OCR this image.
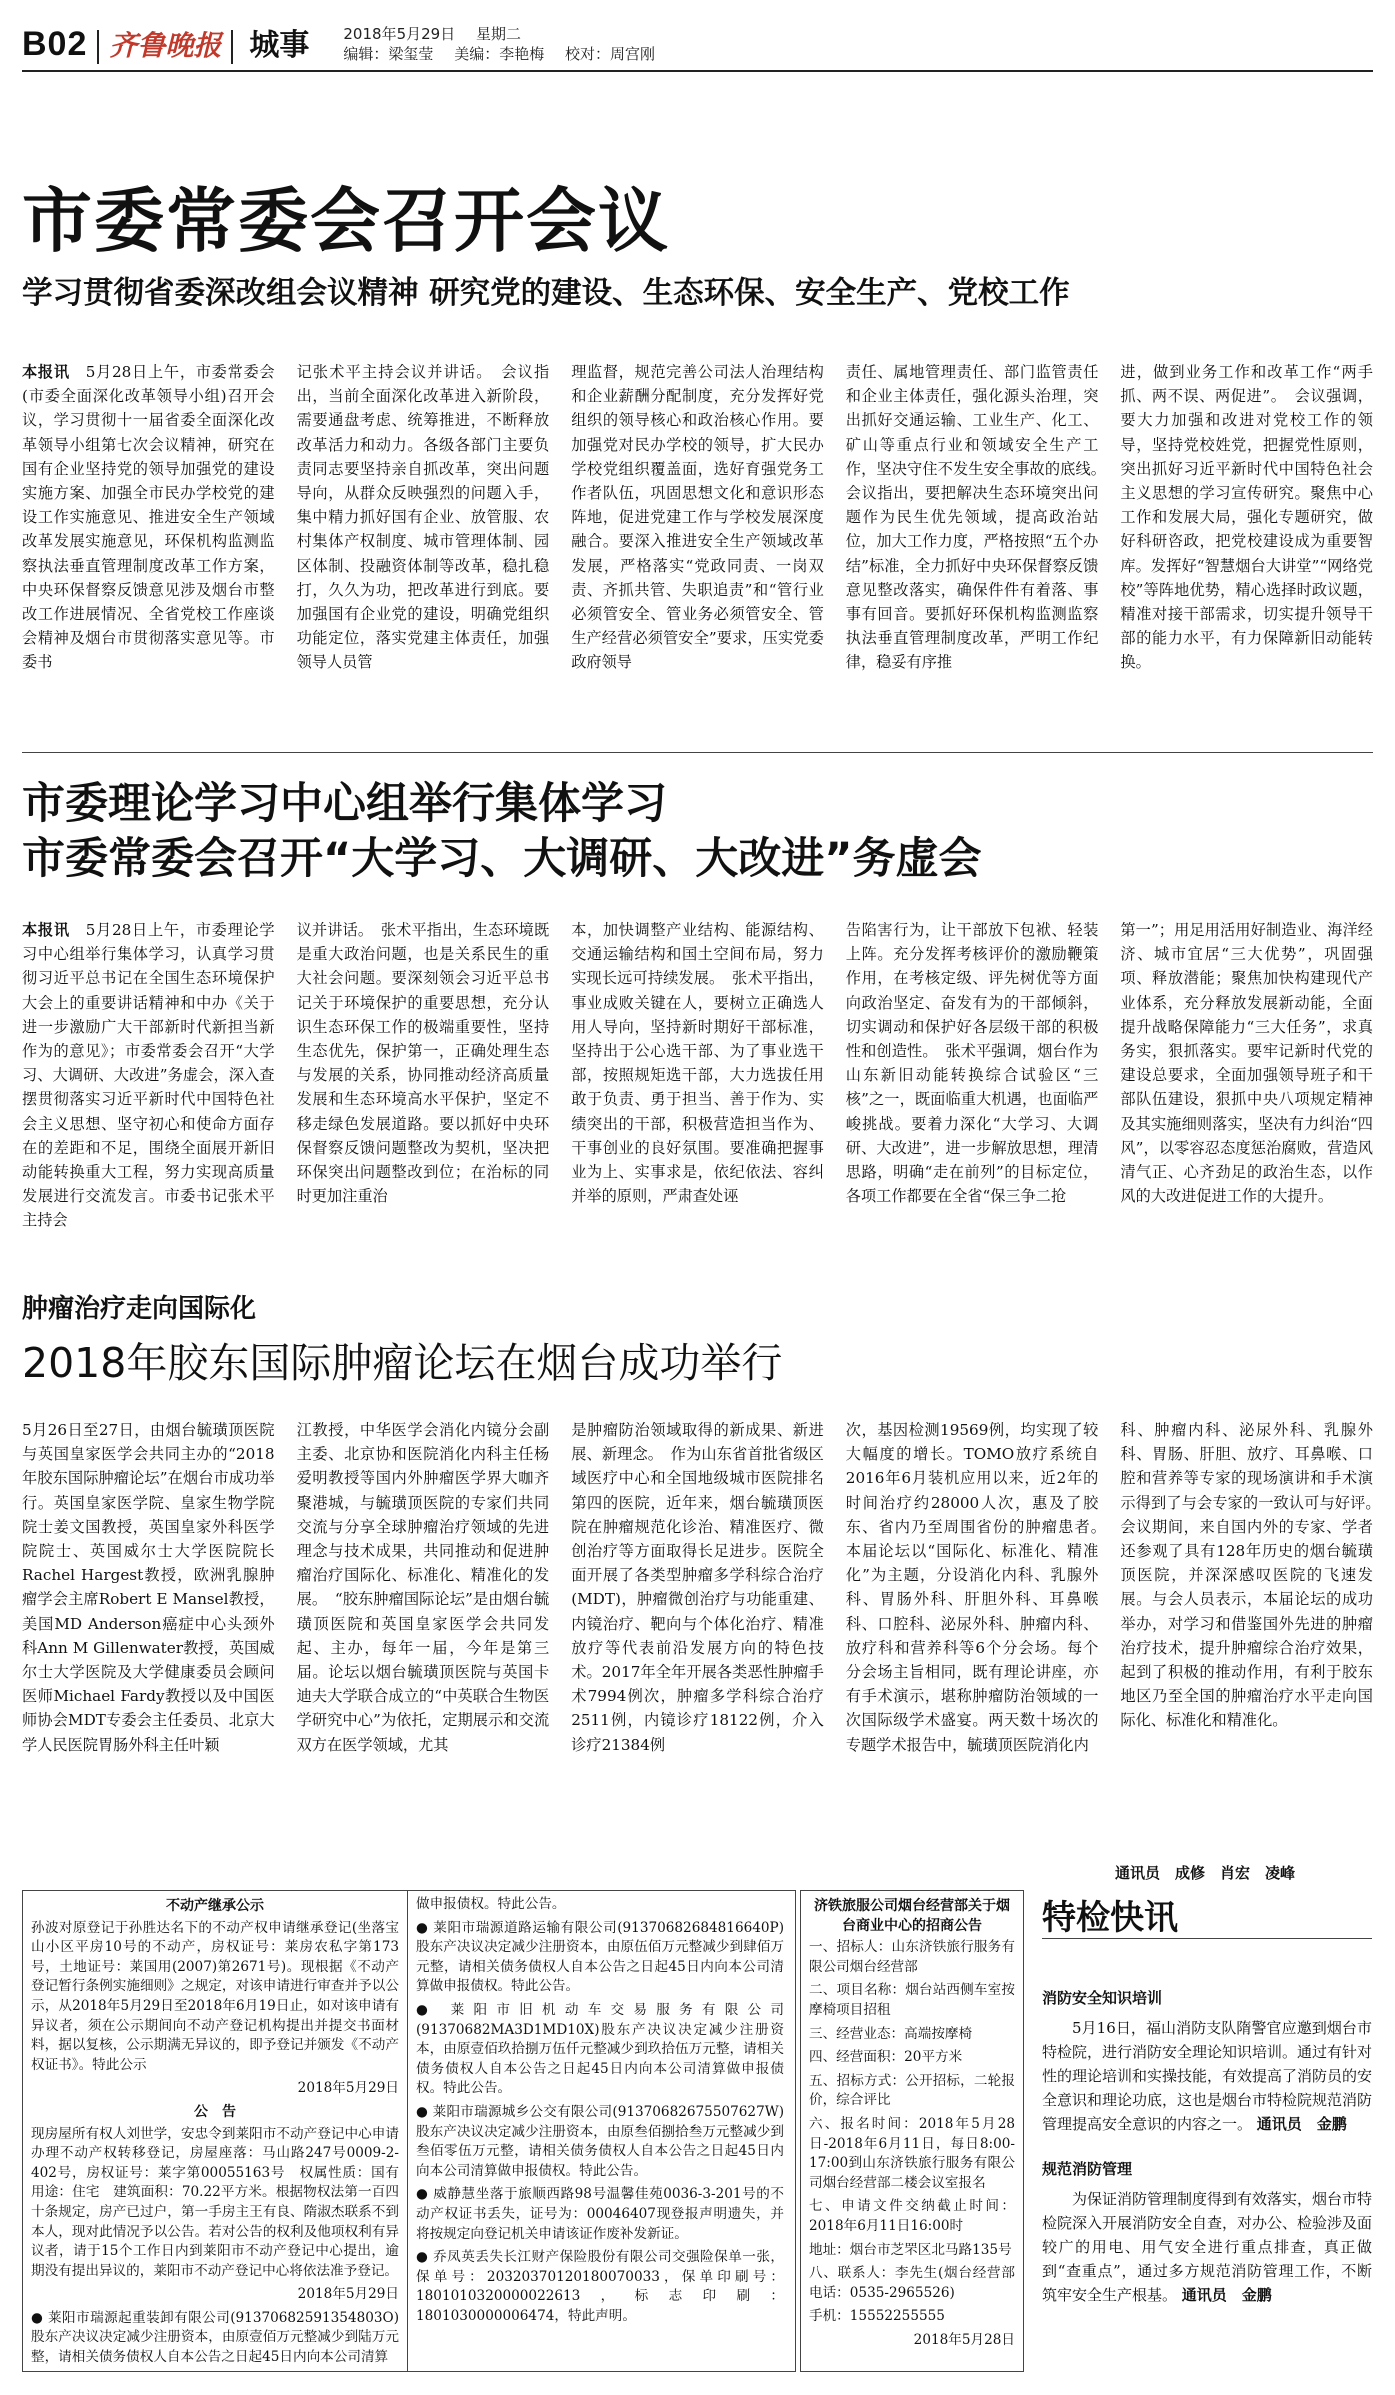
B02 齐鲁晚报 城事 2018年5月29日 星期二
编辑：梁玺莹 美编：李艳梅 校对：周宫刚
市委常委会召开会议
学习贯彻省委深改组会议精神 研究党的建设、生态环保、安全生产、党校工作
本报讯　 5月28日上午，市委常委会(市委全面深化改革领导小组)召开会议，学习贯彻十一届省委全面深化改革领导小组第七次会议精神，研究在国有企业坚持党的领导加强党的建设实施方案、加强全市民办学校党的建设工作实施意见、推进安全生产领域改革发展实施意见，环保机构监测监察执法垂直管理制度改革工作方案，中央环保督察反馈意见涉及烟台市整改工作进展情况、全省党校工作座谈会精神及烟台市贯彻落实意见等。市委书
记张术平主持会议并讲话。　会议指出，当前全面深化改革进入新阶段，需要通盘考虑、统筹推进，不断释放改革活力和动力。各级各部门主要负责同志要坚持亲自抓改革，突出问题导向，从群众反映强烈的问题入手，集中精力抓好国有企业、放管服、农村集体产权制度、城市管理体制、园区体制、投融资体制等改革，稳扎稳打，久久为功，把改革进行到底。要加强国有企业党的建设，明确党组织功能定位，落实党建主体责任，加强领导人员管
理监督，规范完善公司法人治理结构和企业薪酬分配制度，充分发挥好党组织的领导核心和政治核心作用。要加强党对民办学校的领导，扩大民办学校党组织覆盖面，选好育强党务工作者队伍，巩固思想文化和意识形态阵地，促进党建工作与学校发展深度融合。要深入推进安全生产领域改革发展，严格落实“党政同责、一岗双责、齐抓共管、失职追责”和“管行业必须管安全、管业务必须管安全、管生产经营必须管安全”要求，压实党委政府领导
责任、属地管理责任、部门监管责任和企业主体责任，强化源头治理，突出抓好交通运输、工业生产、化工、矿山等重点行业和领域安全生产工作，坚决守住不发生安全事故的底线。　会议指出，要把解决生态环境突出问题作为民生优先领域，提高政治站位，加大工作力度，严格按照“五个办结”标准，全力抓好中央环保督察反馈意见整改落实，确保件件有着落、事事有回音。要抓好环保机构监测监察执法垂直管理制度改革，严明工作纪律，稳妥有序推
进，做到业务工作和改革工作“两手抓、两不误、两促进”。　会议强调，要大力加强和改进对党校工作的领导，坚持党校姓党，把握党性原则，突出抓好习近平新时代中国特色社会主义思想的学习宣传研究。聚焦中心工作和发展大局，强化专题研究，做好科研咨政，把党校建设成为重要智库。发挥好“智慧烟台大讲堂”“网络党校”等阵地优势，精心选择时政议题，精准对接干部需求，切实提升领导干部的能力水平，有力保障新旧动能转换。
市委理论学习中心组举行集体学习
市委常委会召开“大学习、大调研、大改进”务虚会
本报讯　 5月28日上午，市委理论学习中心组举行集体学习，认真学习贯彻习近平总书记在全国生态环境保护大会上的重要讲话精神和中办《关于进一步激励广大干部新时代新担当新作为的意见》；市委常委会召开“大学习、大调研、大改进”务虚会，深入查摆贯彻落实习近平新时代中国特色社会主义思想、坚守初心和使命方面存在的差距和不足，围绕全面展开新旧动能转换重大工程，努力实现高质量发展进行交流发言。市委书记张术平主持会
议并讲话。　张术平指出，生态环境既是重大政治问题，也是关系民生的重大社会问题。要深刻领会习近平总书记关于环境保护的重要思想，充分认识生态环保工作的极端重要性，坚持生态优先，保护第一，正确处理生态与发展的关系，协同推动经济高质量发展和生态环境高水平保护，坚定不移走绿色发展道路。要以抓好中央环保督察反馈问题整改为契机，坚决把环保突出问题整改到位；在治标的同时更加注重治
本，加快调整产业结构、能源结构、交通运输结构和国土空间布局，努力实现长远可持续发展。　张术平指出，事业成败关键在人，要树立正确选人用人导向，坚持新时期好干部标准，坚持出于公心选干部、为了事业选干部，按照规矩选干部，大力选拔任用敢于负责、勇于担当、善于作为、实绩突出的干部，积极营造担当作为、干事创业的良好氛围。要准确把握事业为上、实事求是，依纪依法、容纠并举的原则，严肃查处诬
告陷害行为，让干部放下包袱、轻装上阵。充分发挥考核评价的激励鞭策作用，在考核定级、评先树优等方面向政治坚定、奋发有为的干部倾斜，切实调动和保护好各层级干部的积极性和创造性。　张术平强调，烟台作为山东新旧动能转换综合试验区“三核”之一，既面临重大机遇，也面临严峻挑战。要着力深化“大学习、大调研、大改进”，进一步解放思想，理清思路，明确“走在前列”的目标定位，各项工作都要在全省“保三争二抢
第一”；用足用活用好制造业、海洋经济、城市宜居“三大优势”，巩固强项、释放潜能；聚焦加快构建现代产业体系，充分释放发展新动能，全面提升战略保障能力“三大任务”，求真务实，狠抓落实。要牢记新时代党的建设总要求，全面加强领导班子和干部队伍建设，狠抓中央八项规定精神及其实施细则落实，坚决有力纠治“四风”，以零容忍态度惩治腐败，营造风清气正、心齐劲足的政治生态，以作风的大改进促进工作的大提升。
肿瘤治疗走向国际化
2018年胶东国际肿瘤论坛在烟台成功举行
5月26日至27日，由烟台毓璜顶医院与英国皇家医学会共同主办的“2018年胶东国际肿瘤论坛”在烟台市成功举行。英国皇家医学院、皇家生物学院院士姜文国教授，英国皇家外科医学院院士、英国威尔士大学医院院长Rachel Hargest教授，欧洲乳腺肿瘤学会主席Robert E Mansel教授，美国MD Anderson癌症中心头颈外科Ann M Gillenwater教授，英国威尔士大学医院及大学健康委员会顾问医师Michael Fardy教授以及中国医师协会MDT专委会主任委员、北京大学人民医院胃肠外科主任叶颖
江教授，中华医学会消化内镜分会副主委、北京协和医院消化内科主任杨爱明教授等国内外肿瘤医学界大咖齐聚港城，与毓璜顶医院的专家们共同交流与分享全球肿瘤治疗领域的先进理念与技术成果，共同推动和促进肿瘤治疗国际化、标准化、精准化的发展。　“胶东肿瘤国际论坛”是由烟台毓璜顶医院和英国皇家医学会共同发起、主办，每年一届，今年是第三届。论坛以烟台毓璜顶医院与英国卡迪夫大学联合成立的“中英联合生物医学研究中心”为依托，定期展示和交流双方在医学领域，尤其
是肿瘤防治领域取得的新成果、新进展、新理念。　作为山东省首批省级区域医疗中心和全国地级城市医院排名第四的医院，近年来，烟台毓璜顶医院在肿瘤规范化诊治、精准医疗、微创治疗等方面取得长足进步。医院全面开展了各类型肿瘤多学科综合治疗(MDT)，肿瘤微创治疗与功能重建、内镜治疗、靶向与个体化治疗、精准放疗等代表前沿发展方向的特色技术。2017年全年开展各类恶性肿瘤手术7994例次，肿瘤多学科综合治疗2511例，内镜诊疗18122例，介入诊疗21384例
次，基因检测19569例，均实现了较大幅度的增长。TOMO放疗系统自2016年6月装机应用以来，近2年的时间治疗约28000人次，惠及了胶东、省内乃至周围省份的肿瘤患者。　本届论坛以“国际化、标准化、精准化”为主题，分设消化内科、乳腺外科、胃肠外科、肝胆外科、耳鼻喉科、口腔科、泌尿外科、肿瘤内科、放疗科和营养科等6个分会场。每个分会场主旨相同，既有理论讲座，亦有手术演示，堪称肿瘤防治领域的一次国际级学术盛宴。两天数十场次的专题学术报告中，毓璜顶医院消化内
科、肿瘤内科、泌尿外科、乳腺外科、胃肠、肝胆、放疗、耳鼻喉、口腔和营养等专家的现场演讲和手术演示得到了与会专家的一致认可与好评。　会议期间，来自国内外的专家、学者还参观了具有128年历史的烟台毓璜顶医院，并深深感叹医院的飞速发展。与会人员表示，本届论坛的成功举办，对学习和借鉴国外先进的肿瘤治疗技术，提升肿瘤综合治疗效果，起到了积极的推动作用，有利于胶东地区乃至全国的肿瘤治疗水平走向国际化、标准化和精准化。
通讯员　 成修　肖宏　凌峰
不动产继承公示

孙波对原登记于孙胜达名下的不动产权申请继承登记(坐落宝山小区平房10号的不动产，房权证号：莱房农私字第173号，土地证号：莱国用(2007)第2671号)。现根据《不动产登记暂行条例实施细则》之规定，对该申请进行审查并予以公示，从2018年5月29日至2018年6月19日止，如对该申请有异议者，须在公示期间向不动产登记机构提出并提交书面材料，据以复核，公示期满无异议的，即予登记并颁发《不动产权证书》。特此公示

2018年5月29日

公　告

现房屋所有权人刘世学，安忠令到莱阳市不动产登记中心申请办理不动产权转移登记，房屋座落：马山路247号0009-2-402号，房权证号：莱字第00055163号　权属性质：国有　用途：住宅　建筑面积：70.22平方米。根据物权法第一百四十条规定，房产已过户，第一手房主王有良、隋淑杰联系不到本人，现对此情况予以公告。若对公告的权利及他项权利有异议者，请于15个工作日内到莱阳市不动产登记中心提出，逾期没有提出异议的，莱阳市不动产登记中心将依法准予登记。

2018年5月29日

● 莱阳市瑞源起重装卸有限公司(91370682591354803O)股东产决议决定减少注册资本，由原壹佰万元整减少到陆万元整，请相关债务债权人自本公告之日起45日内向本公司清算

做申报债权。特此公告。

● 莱阳市瑞源道路运输有限公司(91370682684816640P)股东产决议决定减少注册资本，由原伍佰万元整减少到肆佰万元整，请相关债务债权人自本公告之日起45日内向本公司清算做申报债权。特此公告。

● 莱阳市旧机动车交易服务有限公司(91370682MA3D1MD10X)股东产决议决定减少注册资本，由原壹佰玖拾捌万伍仟元整减少到玖拾伍万元整，请相关债务债权人自本公告之日起45日内向本公司清算做申报债权。特此公告。

● 莱阳市瑞源城乡公交有限公司(91370682675507627W)股东产决议决定减少注册资本，由原叁佰捌拾叁万元整减少到叁佰零伍万元整，请相关债务债权人自本公告之日起45日内向本公司清算做申报债权。特此公告。

● 威静慧坐落于旅顺西路98号温馨佳苑0036-3-201号的不动产权证书丢失，证号为：00046407现登报声明遗失，并将按规定向登记机关申请该证作废补发新证。

● 乔凤英丢失长江财产保险股份有限公司交强险保单一张，保单号：20320370120180070033，保单印刷号：1801010320000022613，标志印刷：1801030000006474，特此声明。

济铁旅服公司烟台经营部关于烟台商业中心的招商公告

一、招标人：山东济铁旅行服务有限公司烟台经营部

二、项目名称：烟台站西侧车室按摩椅项目招租

三、经营业态：高端按摩椅

四、经营面积：20平方米

五、招标方式：公开招标，二轮报价，综合评比

六、报名时间：2018年5月28日-2018年6月11日，每日8:00-17:00到山东济铁旅行服务有限公司烟台经营部二楼会议室报名

七、申请文件交纳截止时间：2018年6月11日16:00时

地址：烟台市芝罘区北马路135号

八、联系人：李先生(烟台经营部电话：0535-2965526)

手机：15552255555

2018年5月28日

特检快讯
消防安全知识培训

5月16日，福山消防支队隋警官应邀到烟台市特检院，进行消防安全理论知识培训。通过有针对性的理论培训和实操技能，有效提高了消防员的安全意识和理论功底，这也是烟台市特检院规范消防管理提高安全意识的内容之一。 通讯员　金鹏

规范消防管理

为保证消防管理制度得到有效落实，烟台市特检院深入开展消防安全自查，对办公、检验涉及面较广的用电、用气安全进行重点排查，真正做到“查重点”，通过多方规范消防管理工作，不断筑牢安全生产根基。 通讯员　金鹏
